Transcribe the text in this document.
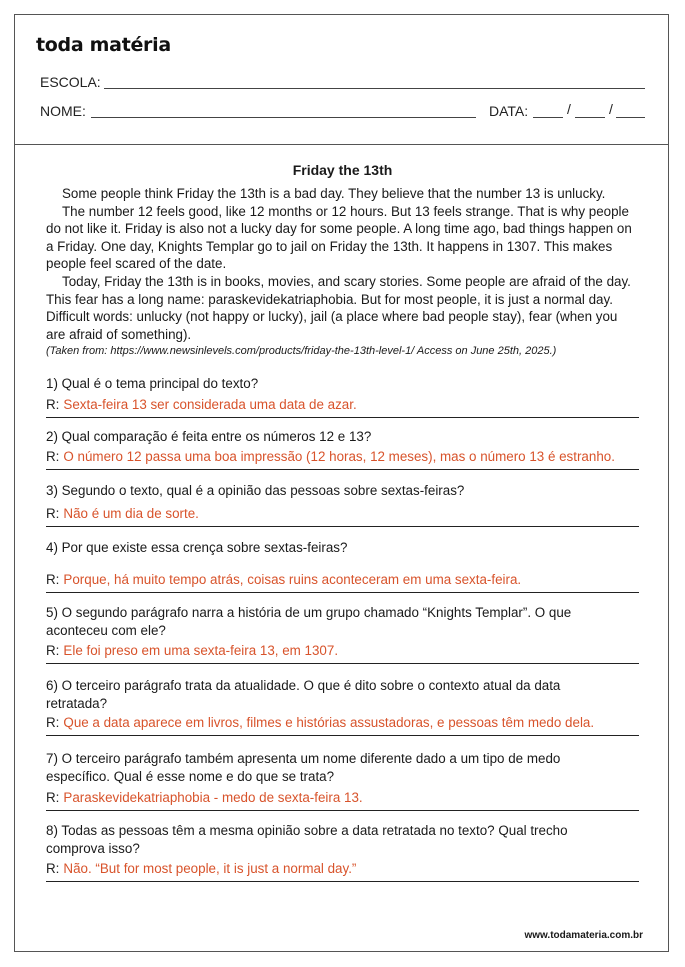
toda matéria
ESCOLA:
NOME:	DATA:	/	/
Friday the 13th

Some people think Friday the 13th is a bad day. They believe that the number 13 is unlucky.

The number 12 feels good, like 12 months or 12 hours. But 13 feels strange. That is why people do not like it. Friday is also not a lucky day for some people. A long time ago, bad things happen on a Friday. One day, Knights Templar go to jail on Friday the 13th. It happens in 1307. This makes people feel scared of the date.

Today, Friday the 13th is in books, movies, and scary stories. Some people are afraid of the day. This fear has a long name: paraskevidekatriaphobia. But for most people, it is just a normal day. Difficult words: unlucky (not happy or lucky), jail (a place where bad people stay), fear (when you are afraid of something).

(Taken from: https://www.newsinlevels.com/products/friday-the-13th-level-1/ Access on June 25th, 2025.)

1) Qual é o tema principal do texto?
R: Sexta-feira 13 ser considerada uma data de azar.
2) Qual comparação é feita entre os números 12 e 13?
R: O número 12 passa uma boa impressão (12 horas, 12 meses), mas o número 13 é estranho.
3) Segundo o texto, qual é a opinião das pessoas sobre sextas-feiras?
R: Não é um dia de sorte.
4) Por que existe essa crença sobre sextas-feiras?
R: Porque, há muito tempo atrás, coisas ruins aconteceram em uma sexta-feira.
5) O segundo parágrafo narra a história de um grupo chamado “Knights Templar”. O que aconteceu com ele?
R: Ele foi preso em uma sexta-feira 13, em 1307.
6) O terceiro parágrafo trata da atualidade. O que é dito sobre o contexto atual da data retratada?
R: Que a data aparece em livros, filmes e histórias assustadoras, e pessoas têm medo dela.
7) O terceiro parágrafo também apresenta um nome diferente dado a um tipo de medo específico. Qual é esse nome e do que se trata?
R: Paraskevidekatriaphobia - medo de sexta-feira 13.
8) Todas as pessoas têm a mesma opinião sobre a data retratada no texto? Qual trecho comprova isso?
R: Não. “But for most people, it is just a normal day.”
www.todamateria.com.br
